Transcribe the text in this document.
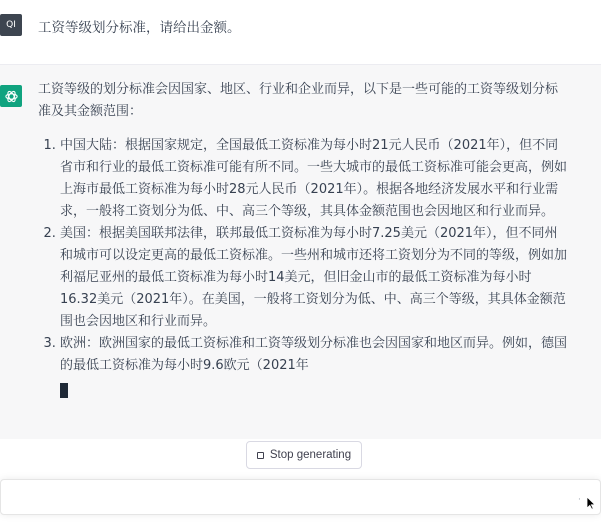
QI	工资等级划分标准，请给出金额。

工资等级的划分标准会因国家、地区、行业和企业而异，以下是一些可能的工资等级划分标准及其金额范围：

1. 中国大陆：根据国家规定，全国最低工资标准为每小时21元人民币（2021年），但不同省市和行业的最低工资标准可能有所不同。一些大城市的最低工资标准可能会更高，例如上海市最低工资标准为每小时28元人民币（2021年）。根据各地经济发展水平和行业需求，一般将工资划分为低、中、高三个等级，其具体金额范围也会因地区和行业而异。
2. 美国：根据美国联邦法律，联邦最低工资标准为每小时7.25美元（2021年），但不同州和城市可以设定更高的最低工资标准。一些州和城市还将工资划分为不同的等级，例如加利福尼亚州的最低工资标准为每小时14美元，但旧金山市的最低工资标准为每小时16.32美元（2021年）。在美国，一般将工资划分为低、中、高三个等级，其具体金额范围也会因地区和行业而异。
3. 欧洲：欧洲国家的最低工资标准和工资等级划分标准也会因国家和地区而异。例如，德国的最低工资标准为每小时9.6欧元（2021年
Stop generating
·
